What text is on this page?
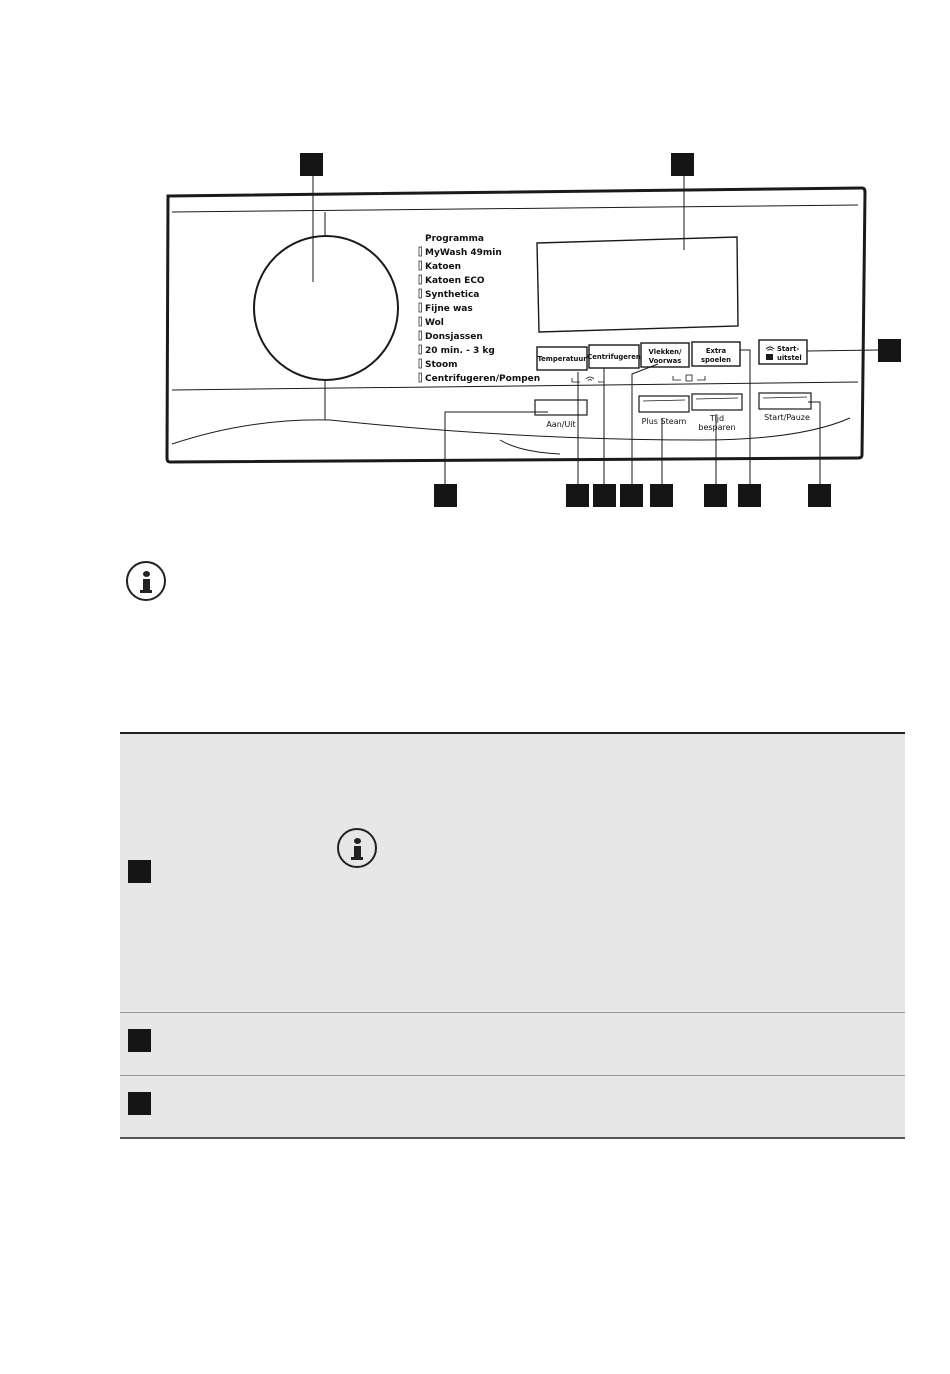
Programma
MyWash 49min
Katoen
Katoen ECO
Synthetica
Fijne was
Wol
Donsjassen
20 min. - 3 kg
Stoom
Centrifugeren/Pompen
Temperatuur Centrifugeren
Vlekken/
Voorwas
Extra
spoelen
Start-
uitstel
Aan/Uit	Plus Steam	Tijd
besparen
Start/Pauze
